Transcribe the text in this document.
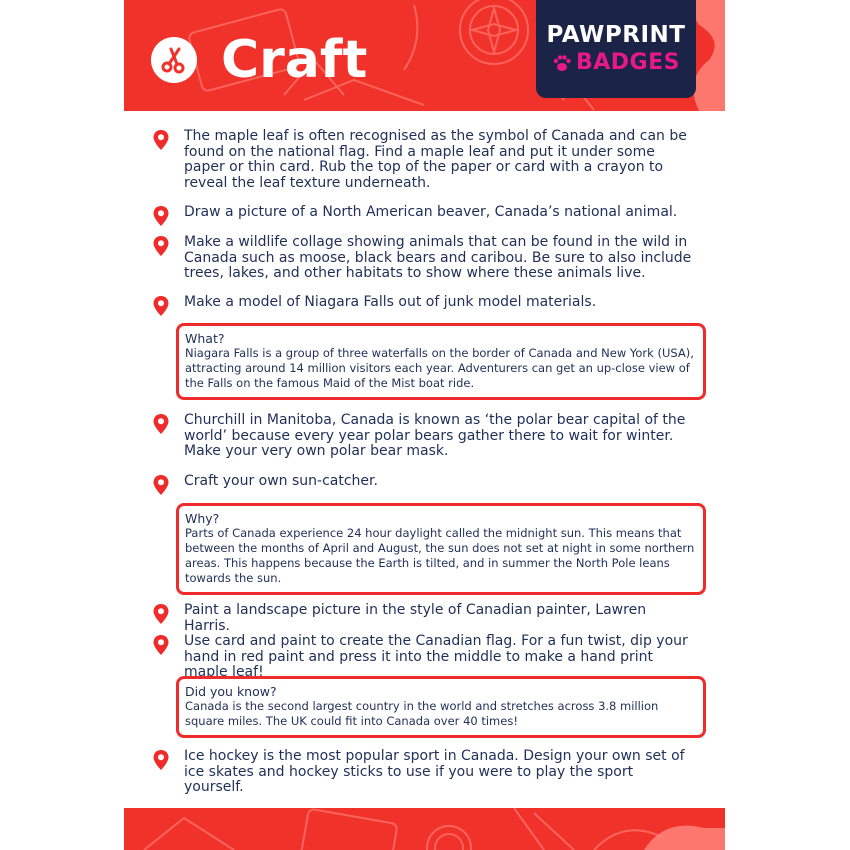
Craft	PAWPRINT
BADGES
The maple leaf is often recognised as the symbol of Canada and can be found on the national flag. Find a maple leaf and put it under some paper or thin card. Rub the top of the paper or card with a crayon to reveal the leaf texture underneath.
Draw a picture of a North American beaver, Canada’s national animal.
Make a wildlife collage showing animals that can be found in the wild in Canada such as moose, black bears and caribou. Be sure to also include trees, lakes, and other habitats to show where these animals live.
Make a model of Niagara Falls out of junk model materials.
What?
Niagara Falls is a group of three waterfalls on the border of Canada and New York (USA), attracting around 14 million visitors each year. Adventurers can get an up-close view of the Falls on the famous Maid of the Mist boat ride.
Churchill in Manitoba, Canada is known as ‘the polar bear capital of the world’ because every year polar bears gather there to wait for winter. Make your very own polar bear mask.
Craft your own sun-catcher.
Why?
Parts of Canada experience 24 hour daylight called the midnight sun. This means that between the months of April and August, the sun does not set at night in some northern areas. This happens because the Earth is tilted, and in summer the North Pole leans towards the sun.
Paint a landscape picture in the style of Canadian painter, Lawren Harris.
Use card and paint to create the Canadian flag. For a fun twist, dip your hand in red paint and press it into the middle to make a hand print maple leaf!
Did you know?
Canada is the second largest country in the world and stretches across 3.8 million square miles. The UK could fit into Canada over 40 times!
Ice hockey is the most popular sport in Canada. Design your own set of ice skates and hockey sticks to use if you were to play the sport yourself.
